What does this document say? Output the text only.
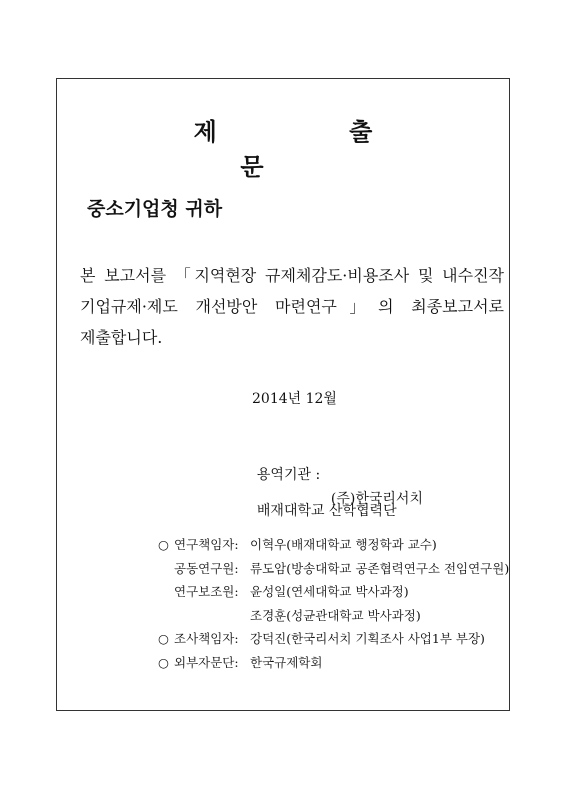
제 출 문
중소기업청 귀하
본 보고서를 「지역현장 규제체감도·비용조사 및 내수진작 기업규제·제도 개선방안 마련연구」의 최종보고서로 제출합니다.
2014년 12월

용역기관 :

배재대학교 산학협력단

(주)한국리서치

○ 연구책임자: 이혁우(배재대학교 행정학과 교수)
공동연구원: 류도암(방송대학교 공존협력연구소 전임연구원)
연구보조원: 윤성일(연세대학교 박사과정)
조경훈(성균관대학교 박사과정)
○ 조사책임자: 강덕진(한국리서치 기획조사 사업1부 부장)
○ 외부자문단: 한국규제학회
